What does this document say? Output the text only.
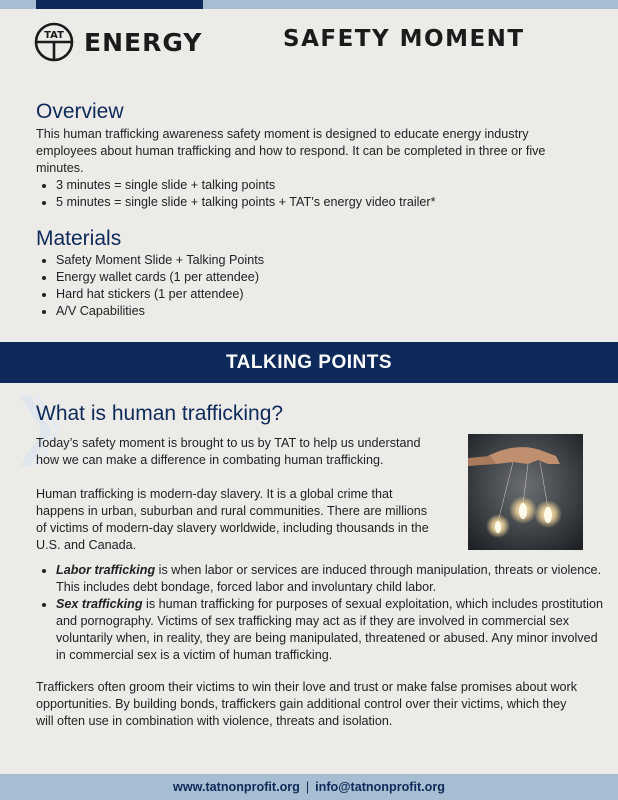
TAT ENERGY	SAFETY MOMENT
Overview

This human trafficking awareness safety moment is designed to educate energy industry employees about human trafficking and how to respond. It can be completed in three or five minutes.

• 3 minutes = single slide + talking points
• 5 minutes = single slide + talking points + TAT’s energy video trailer*
Materials
• Safety Moment Slide + Talking Points
• Energy wallet cards (1 per attendee)
• Hard hat stickers (1 per attendee)
• A/V Capabilities
TALKING POINTS
What is human trafficking?

Today’s safety moment is brought to us by TAT to help us understand how we can make a difference in combating human trafficking.

Human trafficking is modern-day slavery. It is a global crime that happens in urban, suburban and rural communities. There are millions of victims of modern-day slavery worldwide, including thousands in the U.S. and Canada.

• Labor trafficking is when labor or services are induced through manipulation, threats or violence. This includes debt bondage, forced labor and involuntary child labor.
• Sex trafficking is human trafficking for purposes of sexual exploitation, which includes prostitution and pornography. Victims of sex trafficking may act as if they are involved in commercial sex voluntarily when, in reality, they are being manipulated, threatened or abused. Any minor involved in commercial sex is a victim of human trafficking.

Traffickers often groom their victims to win their love and trust or make false promises about work opportunities. By building bonds, traffickers gain additional control over their victims, which they will often use in combination with violence, threats and isolation.

www.tatnonprofit.org | info@tatnonprofit.org
